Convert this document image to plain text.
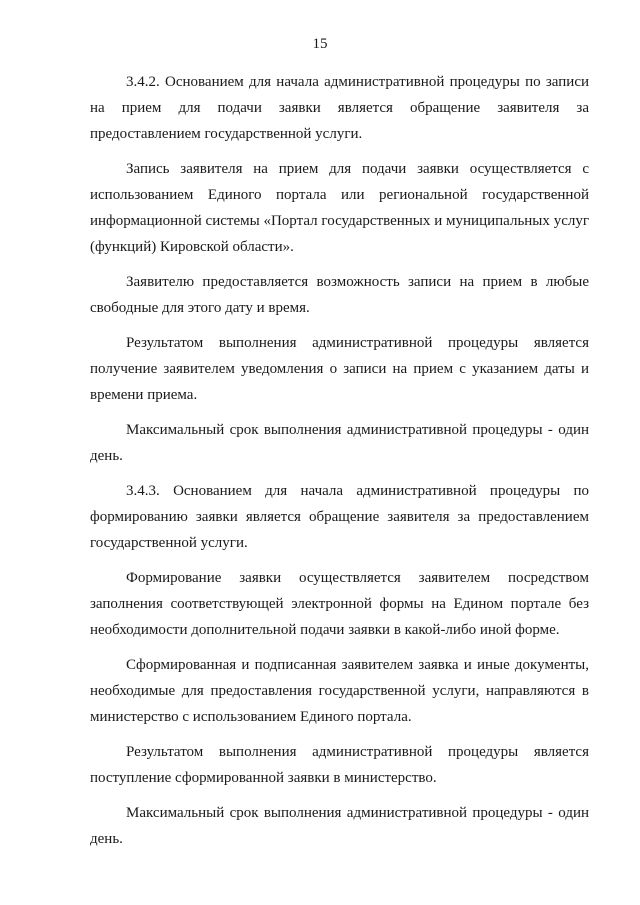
15

3.4.2. Основанием для начала административной процедуры по записи на прием для подачи заявки является обращение заявителя за предоставлением государственной услуги.

Запись заявителя на прием для подачи заявки осуществляется с использованием Единого портала или региональной государственной информационной системы «Портал государственных и муниципальных услуг (функций) Кировской области».

Заявителю предоставляется возможность записи на прием в любые свободные для этого дату и время.

Результатом выполнения административной процедуры является получение заявителем уведомления о записи на прием с указанием даты и времени приема.

Максимальный срок выполнения административной процедуры - один день.

3.4.3. Основанием для начала административной процедуры по формированию заявки является обращение заявителя за предоставлением государственной услуги.

Формирование заявки осуществляется заявителем посредством заполнения соответствующей электронной формы на Едином портале без необходимости дополнительной подачи заявки в какой-либо иной форме.

Сформированная и подписанная заявителем заявка и иные документы, необходимые для предоставления государственной услуги, направляются в министерство с использованием Единого портала.

Результатом выполнения административной процедуры является поступление сформированной заявки в министерство.

Максимальный срок выполнения административной процедуры - один день.
